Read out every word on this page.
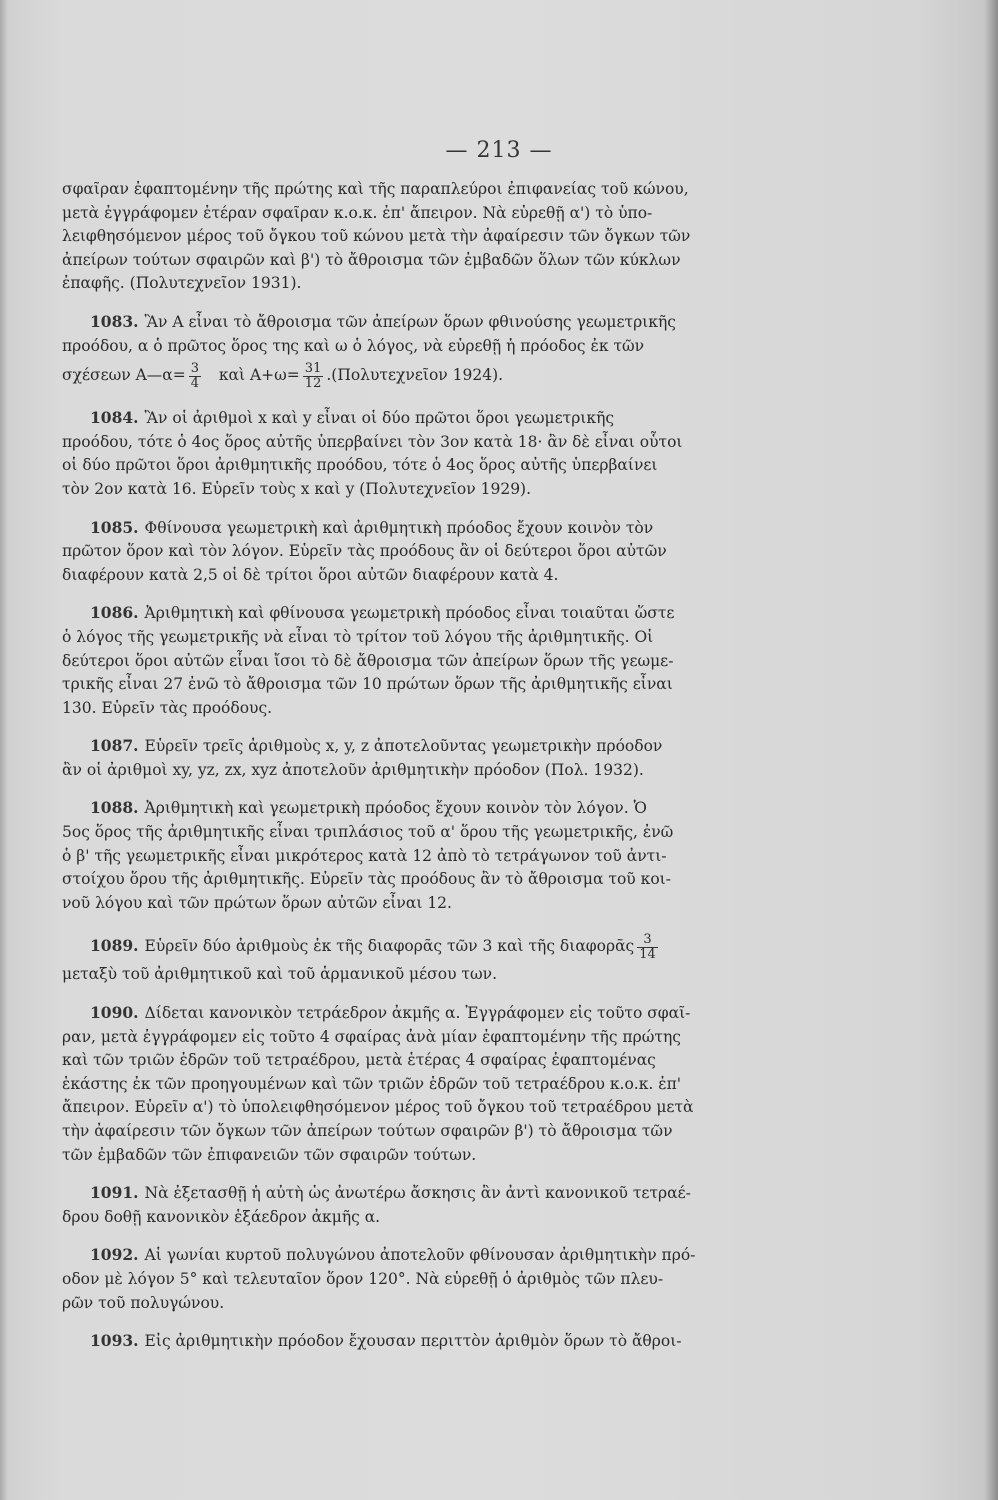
— 213 —
σφαῖραν ἐφαπτομένην τῆς πρώτης καὶ τῆς παραπλεύροι ἐπιφανείας τοῦ κώνου,
μετὰ ἐγγράφομεν ἑτέραν σφαῖραν κ.ο.κ. ἐπ' ἄπειρον. Νὰ εὑρεθῇ α') τὸ ὑπο-
λειφθησόμενον μέρος τοῦ ὄγκου τοῦ κώνου μετὰ τὴν ἀφαίρεσιν τῶν ὄγκων τῶν
ἀπείρων τούτων σφαιρῶν καὶ β') τὸ ἄθροισμα τῶν ἐμβαδῶν ὅλων τῶν κύκλων
ἐπαφῆς. (Πολυτεχνεῖον 1931).
1083. Ἂν Α εἶναι τὸ ἄθροισμα τῶν ἀπείρων ὅρων φθινούσης γεωμετρικῆς
προόδου, α ὁ πρῶτος ὅρος της καὶ ω ὁ λόγος, νὰ εὑρεθῇ ἡ πρόοδος ἐκ τῶν
σχέσεων Α—α= $\frac{3}{4}$ καὶ $A+\omega= \frac{31}{12}$ .(Πολυτεχνεῖον 1924).
1084. Ἂν οἱ ἀριθμοὶ x καὶ y εἶναι οἱ δύο πρῶτοι ὅροι γεωμετρικῆς
προόδου, τότε ὁ 4ος ὅρος αὐτῆς ὑπερβαίνει τὸν 3ον κατὰ 18· ἂν δὲ εἶναι οὗτοι
οἱ δύο πρῶτοι ὅροι ἀριθμητικῆς προόδου, τότε ὁ 4ος ὅρος αὐτῆς ὑπερβαίνει
τὸν 2ον κατὰ 16. Εὑρεῖν τοὺς x καὶ y (Πολυτεχνεῖον 1929).
1085. Φθίνουσα γεωμετρικὴ καὶ ἀριθμητικὴ πρόοδος ἔχουν κοινὸν τὸν
πρῶτον ὅρον καὶ τὸν λόγον. Εὑρεῖν τὰς προόδους ἂν οἱ δεύτεροι ὅροι αὐτῶν
διαφέρουν κατὰ 2,5 οἱ δὲ τρίτοι ὅροι αὐτῶν διαφέρουν κατὰ 4.
1086. Ἀριθμητικὴ καὶ φθίνουσα γεωμετρικὴ πρόοδος εἶναι τοιαῦται ὥστε
ὁ λόγος τῆς γεωμετρικῆς νὰ εἶναι τὸ τρίτον τοῦ λόγου τῆς ἀριθμητικῆς. Οἱ
δεύτεροι ὅροι αὐτῶν εἶναι ἴσοι τὸ δὲ ἄθροισμα τῶν ἀπείρων ὅρων τῆς γεωμε-
τρικῆς εἶναι 27 ἐνῶ τὸ ἄθροισμα τῶν 10 πρώτων ὅρων τῆς ἀριθμητικῆς εἶναι
130. Εὑρεῖν τὰς προόδους.
1087. Εὑρεῖν τρεῖς ἀριθμοὺς x, y, z ἀποτελοῦντας γεωμετρικὴν πρόοδον
ἂν οἱ ἀριθμοὶ xy, yz, zx, xyz ἀποτελοῦν ἀριθμητικὴν πρόοδον (Πολ. 1932).
1088. Ἀριθμητικὴ καὶ γεωμετρικὴ πρόοδος ἔχουν κοινὸν τὸν λόγον. Ὁ
5ος ὅρος τῆς ἀριθμητικῆς εἶναι τριπλάσιος τοῦ α' ὅρου τῆς γεωμετρικῆς, ἐνῶ
ὁ β' τῆς γεωμετρικῆς εἶναι μικρότερος κατὰ 12 ἀπὸ τὸ τετράγωνον τοῦ ἀντι-
στοίχου ὅρου τῆς ἀριθμητικῆς. Εὑρεῖν τὰς προόδους ἂν τὸ ἄθροισμα τοῦ κοι-
νοῦ λόγου καὶ τῶν πρώτων ὅρων αὐτῶν εἶναι 12.
1089. Εὑρεῖν δύο ἀριθμοὺς ἐκ τῆς διαφορᾶς τῶν 3 καὶ τῆς διαφορᾶς $\frac{3}{14}$
μεταξὺ τοῦ ἀριθμητικοῦ καὶ τοῦ ἁρμανικοῦ μέσου των.
1090. Δίδεται κανονικὸν τετράεδρον ἀκμῆς α. Ἐγγράφομεν εἰς τοῦτο σφαῖ-
ραν, μετὰ ἐγγράφομεν εἰς τοῦτο 4 σφαίρας ἀνὰ μίαν ἐφαπτομένην τῆς πρώτης
καὶ τῶν τριῶν ἑδρῶν τοῦ τετραέδρου, μετὰ ἑτέρας 4 σφαίρας ἐφαπτομένας
ἑκάστης ἐκ τῶν προηγουμένων καὶ τῶν τριῶν ἑδρῶν τοῦ τετραέδρου κ.ο.κ. ἐπ'
ἄπειρον. Εὑρεῖν α') τὸ ὑπολειφθησόμενον μέρος τοῦ ὄγκου τοῦ τετραέδρου μετὰ
τὴν ἀφαίρεσιν τῶν ὄγκων τῶν ἀπείρων τούτων σφαιρῶν β') τὸ ἄθροισμα τῶν
τῶν ἐμβαδῶν τῶν ἐπιφανειῶν τῶν σφαιρῶν τούτων.
1091. Νὰ ἐξετασθῇ ἡ αὐτὴ ὡς ἀνωτέρω ἄσκησις ἂν ἀντὶ κανονικοῦ τετραέ-
δρου δοθῇ κανονικὸν ἑξάεδρον ἀκμῆς α.
1092. Αἱ γωνίαι κυρτοῦ πολυγώνου ἀποτελοῦν φθίνουσαν ἀριθμητικὴν πρό-
οδον μὲ λόγον 5° καὶ τελευταῖον ὅρον 120°. Νὰ εὑρεθῇ ὁ ἀριθμὸς τῶν πλευ-
ρῶν τοῦ πολυγώνου.
1093. Εἰς ἀριθμητικὴν πρόοδον ἔχουσαν περιττὸν ἀριθμὸν ὅρων τὸ ἄθροι-
